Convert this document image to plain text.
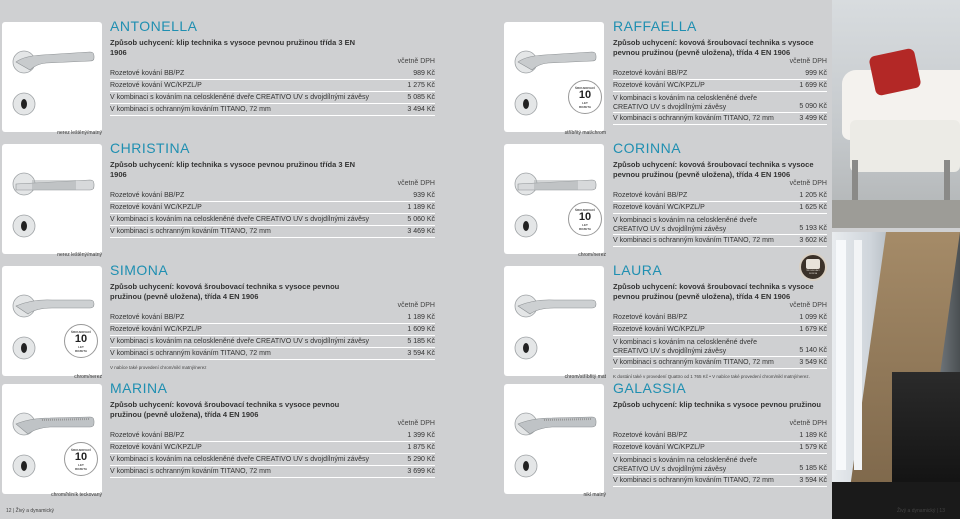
nerez leštěný/matný
ANTONELLA
Způsob uchycení: klip technika s vysoce pevnou pružinou třída 3 EN 1906
včetně DPH
Rozetové kování BB/PZ	989 Kč
Rozetové kování WC/KPZL/P	1 275 Kč
V kombinaci s kováním na celoskleněné dveře CREATIVO UV s dvojdílnými závěsy	5 085 Kč
V kombinaci s ochranným kováním TITANO, 72 mm	3 494 Kč
nerez leštěný/matný
CHRISTINA
Způsob uchycení: klip technika s vysoce pevnou pružinou třída 3 EN 1906
včetně DPH
Rozetové kování BB/PZ	939 Kč
Rozetové kování WC/KPZL/P	1 189 Kč
V kombinaci s kováním na celoskleněné dveře CREATIVO UV s dvojdílnými závěsy	5 060 Kč
V kombinaci s ochranným kováním TITANO, 72 mm	3 469 Kč
ŠROUBOVACÍ
10
LET
ROZETA
chrom/nerez
SIMONA
Způsob uchycení: kovová šroubovací technika s vysoce pevnou pružinou (pevně uložena), třída 4 EN 1906
včetně DPH
Rozetové kování BB/PZ	1 189 Kč
Rozetové kování WC/KPZL/P	1 609 Kč
V kombinaci s kováním na celoskleněné dveře CREATIVO UV s dvojdílnými závěsy	5 185 Kč
V kombinaci s ochranným kováním TITANO, 72 mm	3 594 Kč
V nabíce také provedení chrom/nikl matný/nerez
ŠROUBOVACÍ
10
LET
ROZETA
chrom/hliník teckovaný
MARINA
Způsob uchycení: kovová šroubovací technika s vysoce pevnou pružinou (pevně uložena), třída 4 EN 1906
včetně DPH
Rozetové kování BB/PZ	1 399 Kč
Rozetové kování WC/KPZL/P	1 875 Kč
V kombinaci s kováním na celoskleněné dveře CREATIVO UV s dvojdílnými závěsy	5 290 Kč
V kombinaci s ochranným kováním TITANO, 72 mm	3 699 Kč
ŠROUBOVACÍ
10
LET
ROZETA
stříbřitý mat/chrom
RAFFAELLA
Způsob uchycení: kovová šroubovací technika s vysoce pevnou pružinou (pevně uložena), třída 4 EN 1906
včetně DPH
Rozetové kování BB/PZ	999 Kč
Rozetové kování WC/KPZL/P	1 699 Kč
V kombinaci s kováním na celoskleněné dveře CREATIVO UV s dvojdílnými závěsy	5 090 Kč
V kombinaci s ochranným kováním TITANO, 72 mm	3 499 Kč
ŠROUBOVACÍ
10
LET
ROZETA
chrom/nerez
CORINNA
Způsob uchycení: kovová šroubovací technika s vysoce pevnou pružinou (pevně uložena), třída 4 EN 1906
včetně DPH
Rozetové kování BB/PZ	1 205 Kč
Rozetové kování WC/KPZL/P	1 625 Kč
V kombinaci s kováním na celoskleněné dveře CREATIVO UV s dvojdílnými závěsy	5 193 Kč
V kombinaci s ochranným kováním TITANO, 72 mm	3 602 Kč
chrom/stříbřitý mat
LAURA
Způsob uchycení: kovová šroubovací technika s vysoce pevnou pružinou (pevně uložena), třída 4 EN 1906
včetně DPH
Rozetové kování BB/PZ	1 099 Kč
Rozetové kování WC/KPZL/P	1 679 Kč
V kombinaci s kováním na celoskleněné dveře CREATIVO UV s dvojdílnými závěsy	5 140 Kč
V kombinaci s ochranným kováním TITANO, 72 mm	3 549 Kč
K dostání také v provedení Quattro od 1 765 Kč • V nabíce také provedení chrom/nikl matný/nerez.
nikl matný
GALASSIA
Způsob uchycení: klip technika s vysoce pevnou pružinou
včetně DPH
Rozetové kování BB/PZ	1 189 Kč
Rozetové kování WC/KPZL/P	1 579 Kč
V kombinaci s kováním na celoskleněné dveře CREATIVO UV s dvojdílnými závěsy	5 185 Kč
V kombinaci s ochranným kováním TITANO, 72 mm	3 594 Kč
ŠROUBOVACÍ
ROZETA
12 | Živý a dynamický	Živý a dynamický | 13
